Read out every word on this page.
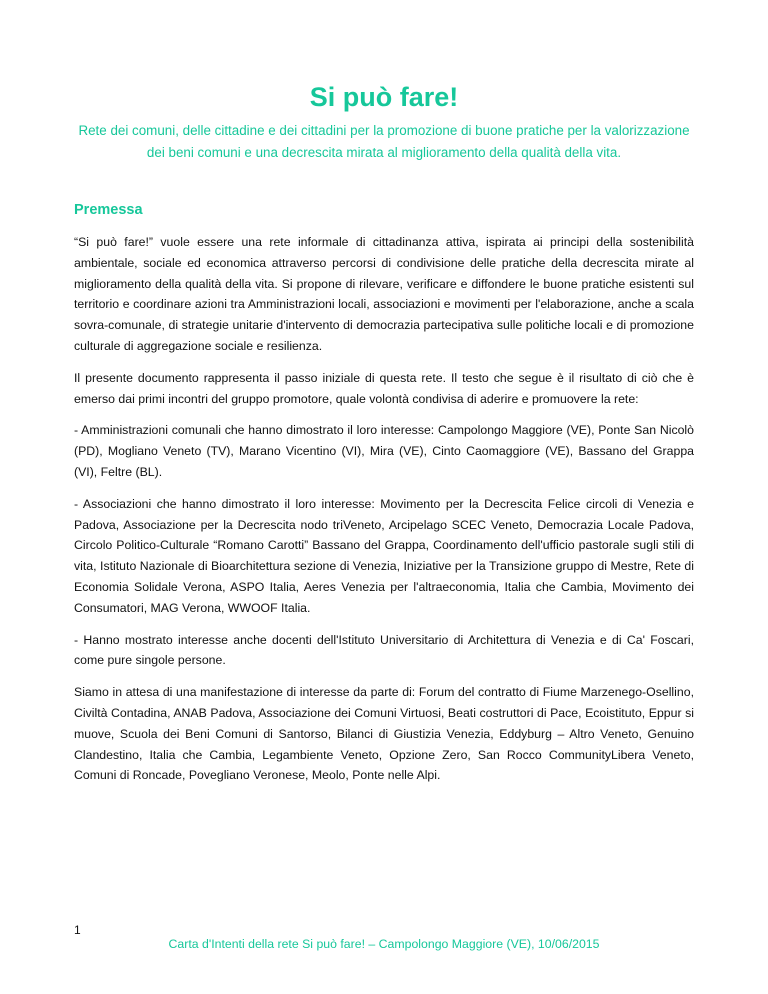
Si può fare!

Rete dei comuni, delle cittadine e dei cittadini per la promozione di buone pratiche per la valorizzazione dei beni comuni e una decrescita mirata al miglioramento della qualità della vita.

Premessa

“Si può fare!” vuole essere una rete informale di cittadinanza attiva, ispirata ai principi della sostenibilità ambientale, sociale ed economica attraverso percorsi di condivisione delle pratiche della decrescita mirate al miglioramento della qualità della vita. Si propone di rilevare, verificare e diffondere le buone pratiche esistenti sul territorio e coordinare azioni tra Amministrazioni locali, associazioni e movimenti per l'elaborazione, anche a scala sovra-comunale, di strategie unitarie d'intervento di democrazia partecipativa sulle politiche locali e di promozione culturale di aggregazione sociale e resilienza.

Il presente documento rappresenta il passo iniziale di questa rete. Il testo che segue è il risultato di ciò che è emerso dai primi incontri del gruppo promotore, quale volontà condivisa di aderire e promuovere la rete:

- Amministrazioni comunali che hanno dimostrato il loro interesse: Campolongo Maggiore (VE), Ponte San Nicolò (PD), Mogliano Veneto (TV), Marano Vicentino (VI), Mira (VE), Cinto Caomaggiore (VE), Bassano del Grappa (VI), Feltre (BL).

- Associazioni che hanno dimostrato il loro interesse: Movimento per la Decrescita Felice circoli di Venezia e Padova, Associazione per la Decrescita nodo triVeneto, Arcipelago SCEC Veneto, Democrazia Locale Padova, Circolo Politico-Culturale “Romano Carotti” Bassano del Grappa, Coordinamento dell'ufficio pastorale sugli stili di vita, Istituto Nazionale di Bioarchitettura sezione di Venezia, Iniziative per la Transizione gruppo di Mestre, Rete di Economia Solidale Verona, ASPO Italia, Aeres Venezia per l'altraeconomia, Italia che Cambia, Movimento dei Consumatori, MAG Verona, WWOOF Italia.

- Hanno mostrato interesse anche docenti dell'Istituto Universitario di Architettura di Venezia e di Ca' Foscari, come pure singole persone.

Siamo in attesa di una manifestazione di interesse da parte di: Forum del contratto di Fiume Marzenego-Osellino, Civiltà Contadina, ANAB Padova, Associazione dei Comuni Virtuosi, Beati costruttori di Pace, Ecoistituto, Eppur si muove, Scuola dei Beni Comuni di Santorso, Bilanci di Giustizia Venezia, Eddyburg – Altro Veneto, Genuino Clandestino, Italia che Cambia, Legambiente Veneto, Opzione Zero, San Rocco CommunityLibera Veneto, Comuni di Roncade, Povegliano Veronese, Meolo, Ponte nelle Alpi.

1

Carta d'Intenti della rete Si può fare! – Campolongo Maggiore (VE), 10/06/2015
